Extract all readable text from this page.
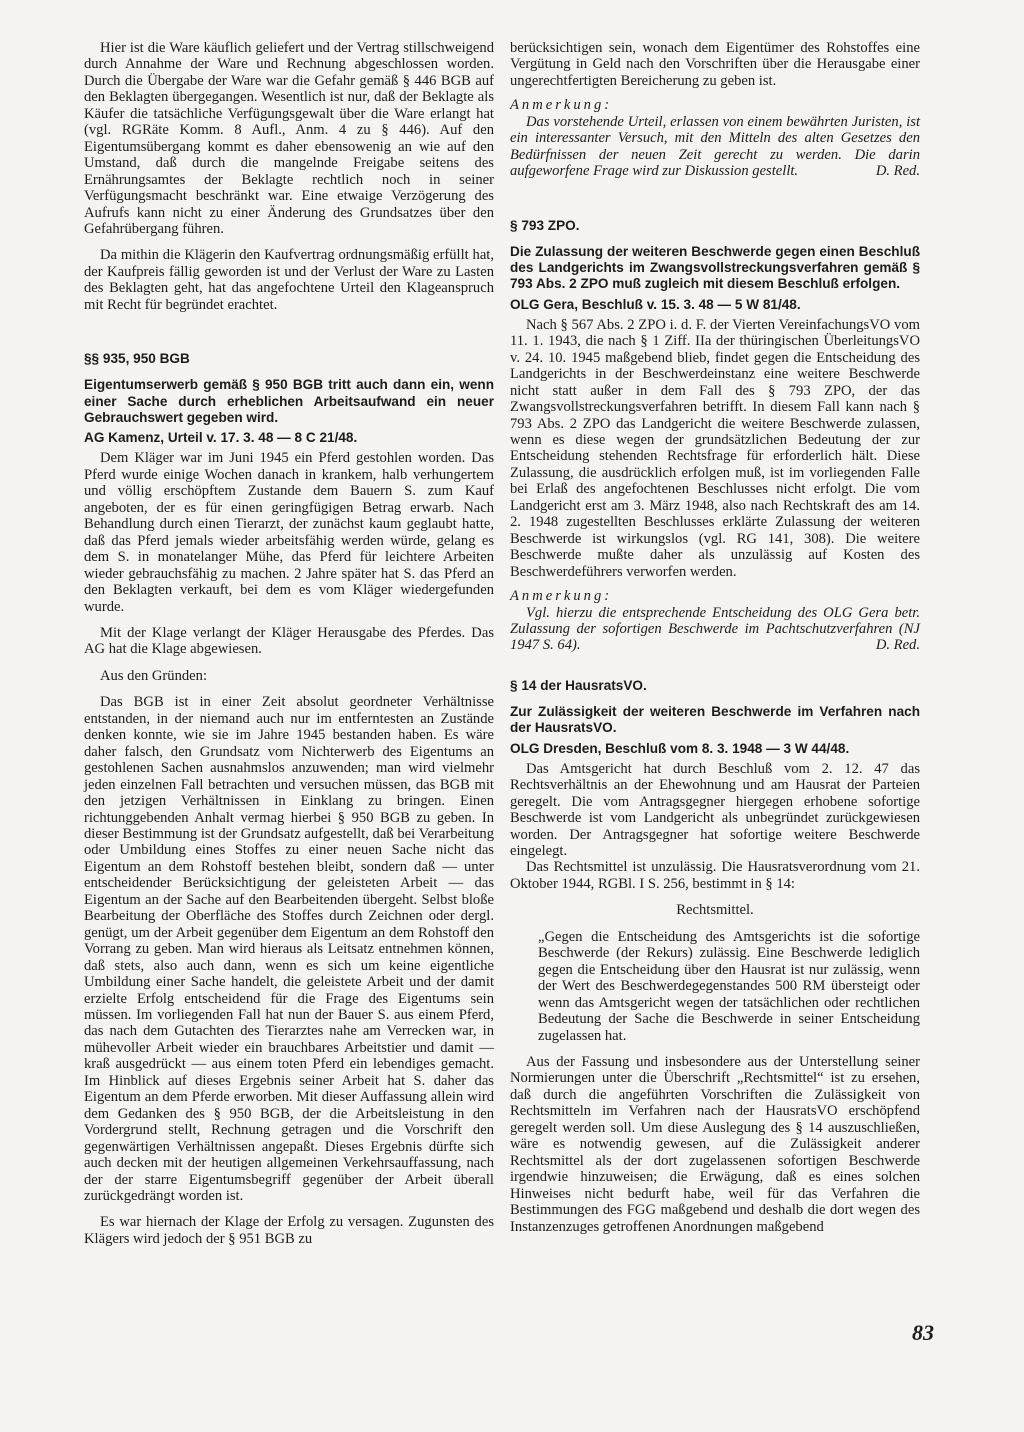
Hier ist die Ware käuflich geliefert und der Vertrag stillschweigend durch Annahme der Ware und Rechnung abgeschlossen worden. Durch die Übergabe der Ware war die Gefahr gemäß § 446 BGB auf den Beklagten übergegangen. Wesentlich ist nur, daß der Beklagte als Käufer die tatsächliche Verfügungsgewalt über die Ware erlangt hat (vgl. RGRäte Komm. 8 Aufl., Anm. 4 zu § 446). Auf den Eigentumsübergang kommt es daher ebensowenig an wie auf den Umstand, daß durch die mangelnde Freigabe seitens des Ernährungsamtes der Beklagte rechtlich noch in seiner Verfügungsmacht beschränkt war. Eine etwaige Verzögerung des Aufrufs kann nicht zu einer Änderung des Grundsatzes über den Gefahrübergang führen.

Da mithin die Klägerin den Kaufvertrag ordnungsmäßig erfüllt hat, der Kaufpreis fällig geworden ist und der Verlust der Ware zu Lasten des Beklagten geht, hat das angefochtene Urteil den Klageanspruch mit Recht für begründet erachtet.

§§ 935, 950 BGB
Eigentumserwerb gemäß § 950 BGB tritt auch dann ein, wenn einer Sache durch erheblichen Arbeitsaufwand ein neuer Gebrauchswert gegeben wird.
AG Kamenz, Urteil v. 17. 3. 48 — 8 C 21/48.

Dem Kläger war im Juni 1945 ein Pferd gestohlen worden. Das Pferd wurde einige Wochen danach in krankem, halb verhungertem und völlig erschöpftem Zustande dem Bauern S. zum Kauf angeboten, der es für einen geringfügigen Betrag erwarb. Nach Behandlung durch einen Tierarzt, der zunächst kaum geglaubt hatte, daß das Pferd jemals wieder arbeitsfähig werden würde, gelang es dem S. in monatelanger Mühe, das Pferd für leichtere Arbeiten wieder gebrauchsfähig zu machen. 2 Jahre später hat S. das Pferd an den Beklagten verkauft, bei dem es vom Kläger wiedergefunden wurde.

Mit der Klage verlangt der Kläger Herausgabe des Pferdes. Das AG hat die Klage abgewiesen.

Aus den Gründen:

Das BGB ist in einer Zeit absolut geordneter Verhältnisse entstanden, in der niemand auch nur im entferntesten an Zustände denken konnte, wie sie im Jahre 1945 bestanden haben. Es wäre daher falsch, den Grundsatz vom Nichterwerb des Eigentums an gestohlenen Sachen ausnahmslos anzuwenden; man wird vielmehr jeden einzelnen Fall betrachten und versuchen müssen, das BGB mit den jetzigen Verhältnissen in Einklang zu bringen. Einen richtunggebenden Anhalt vermag hierbei § 950 BGB zu geben. In dieser Bestimmung ist der Grundsatz aufgestellt, daß bei Verarbeitung oder Umbildung eines Stoffes zu einer neuen Sache nicht das Eigentum an dem Rohstoff bestehen bleibt, sondern daß — unter entscheidender Berücksichtigung der geleisteten Arbeit — das Eigentum an der Sache auf den Bearbeitenden übergeht. Selbst bloße Bearbeitung der Oberfläche des Stoffes durch Zeichnen oder dergl. genügt, um der Arbeit gegenüber dem Eigentum an dem Rohstoff den Vorrang zu geben. Man wird hieraus als Leitsatz entnehmen können, daß stets, also auch dann, wenn es sich um keine eigentliche Umbildung einer Sache handelt, die geleistete Arbeit und der damit erzielte Erfolg entscheidend für die Frage des Eigentums sein müssen. Im vorliegenden Fall hat nun der Bauer S. aus einem Pferd, das nach dem Gutachten des Tierarztes nahe am Verrecken war, in mühevoller Arbeit wieder ein brauchbares Arbeitstier und damit — kraß ausgedrückt — aus einem toten Pferd ein lebendiges gemacht. Im Hinblick auf dieses Ergebnis seiner Arbeit hat S. daher das Eigentum an dem Pferde erworben. Mit dieser Auffassung allein wird dem Gedanken des § 950 BGB, der die Arbeitsleistung in den Vordergrund stellt, Rechnung getragen und die Vorschrift den gegenwärtigen Verhältnissen angepaßt. Dieses Ergebnis dürfte sich auch decken mit der heutigen allgemeinen Verkehrsauffassung, nach der der starre Eigentumsbegriff gegenüber der Arbeit überall zurückgedrängt worden ist.

Es war hiernach der Klage der Erfolg zu versagen. Zugunsten des Klägers wird jedoch der § 951 BGB zu

berücksichtigen sein, wonach dem Eigentümer des Rohstoffes eine Vergütung in Geld nach den Vorschriften über die Herausgabe einer ungerechtfertigten Bereicherung zu geben ist.

Anmerkung:

Das vorstehende Urteil, erlassen von einem bewährten Juristen, ist ein interessanter Versuch, mit den Mitteln des alten Gesetzes den Bedürfnissen der neuen Zeit gerecht zu werden. Die darin aufgeworfene Frage wird zur Diskussion gestellt.	D. Red.

§ 793 ZPO.
Die Zulassung der weiteren Beschwerde gegen einen Beschluß des Landgerichts im Zwangsvollstreckungsverfahren gemäß § 793 Abs. 2 ZPO muß zugleich mit diesem Beschluß erfolgen.
OLG Gera, Beschluß v. 15. 3. 48 — 5 W 81/48.

Nach § 567 Abs. 2 ZPO i. d. F. der Vierten VereinfachungsVO vom 11. 1. 1943, die nach § 1 Ziff. IIa der thüringischen ÜberleitungsVO v. 24. 10. 1945 maßgebend blieb, findet gegen die Entscheidung des Landgerichts in der Beschwerdeinstanz eine weitere Beschwerde nicht statt außer in dem Fall des § 793 ZPO, der das Zwangsvollstreckungsverfahren betrifft. In diesem Fall kann nach § 793 Abs. 2 ZPO das Landgericht die weitere Beschwerde zulassen, wenn es diese wegen der grundsätzlichen Bedeutung der zur Entscheidung stehenden Rechtsfrage für erforderlich hält. Diese Zulassung, die ausdrücklich erfolgen muß, ist im vorliegenden Falle bei Erlaß des angefochtenen Beschlusses nicht erfolgt. Die vom Landgericht erst am 3. März 1948, also nach Rechtskraft des am 14. 2. 1948 zugestellten Beschlusses erklärte Zulassung der weiteren Beschwerde ist wirkungslos (vgl. RG 141, 308). Die weitere Beschwerde mußte daher als unzulässig auf Kosten des Beschwerdeführers verworfen werden.

Anmerkung:

Vgl. hierzu die entsprechende Entscheidung des OLG Gera betr. Zulassung der sofortigen Beschwerde im Pachtschutzverfahren (NJ 1947 S. 64).	D. Red.

§ 14 der HausratsVO.
Zur Zulässigkeit der weiteren Beschwerde im Verfahren nach der HausratsVO.
OLG Dresden, Beschluß vom 8. 3. 1948 — 3 W 44/48.

Das Amtsgericht hat durch Beschluß vom 2. 12. 47 das Rechtsverhältnis an der Ehewohnung und am Hausrat der Parteien geregelt. Die vom Antragsgegner hiergegen erhobene sofortige Beschwerde ist vom Landgericht als unbegründet zurückgewiesen worden. Der Antragsgegner hat sofortige weitere Beschwerde eingelegt.

Das Rechtsmittel ist unzulässig. Die Hausratsverordnung vom 21. Oktober 1944, RGBl. I S. 256, bestimmt in § 14:

Rechtsmittel.

„Gegen die Entscheidung des Amtsgerichts ist die sofortige Beschwerde (der Rekurs) zulässig. Eine Beschwerde lediglich gegen die Entscheidung über den Hausrat ist nur zulässig, wenn der Wert des Beschwerdegegenstandes 500 RM übersteigt oder wenn das Amtsgericht wegen der tatsächlichen oder rechtlichen Bedeutung der Sache die Beschwerde in seiner Entscheidung zugelassen hat.

Aus der Fassung und insbesondere aus der Unterstellung seiner Normierungen unter die Überschrift „Rechtsmittel“ ist zu ersehen, daß durch die angeführten Vorschriften die Zulässigkeit von Rechtsmitteln im Verfahren nach der HausratsVO erschöpfend geregelt werden soll. Um diese Auslegung des § 14 auszuschließen, wäre es notwendig gewesen, auf die Zulässigkeit anderer Rechtsmittel als der dort zugelassenen sofortigen Beschwerde irgendwie hinzuweisen; die Erwägung, daß es eines solchen Hinweises nicht bedurft habe, weil für das Verfahren die Bestimmungen des FGG maßgebend und deshalb die dort wegen des Instanzenzuges getroffenen Anordnungen maßgebend

83
